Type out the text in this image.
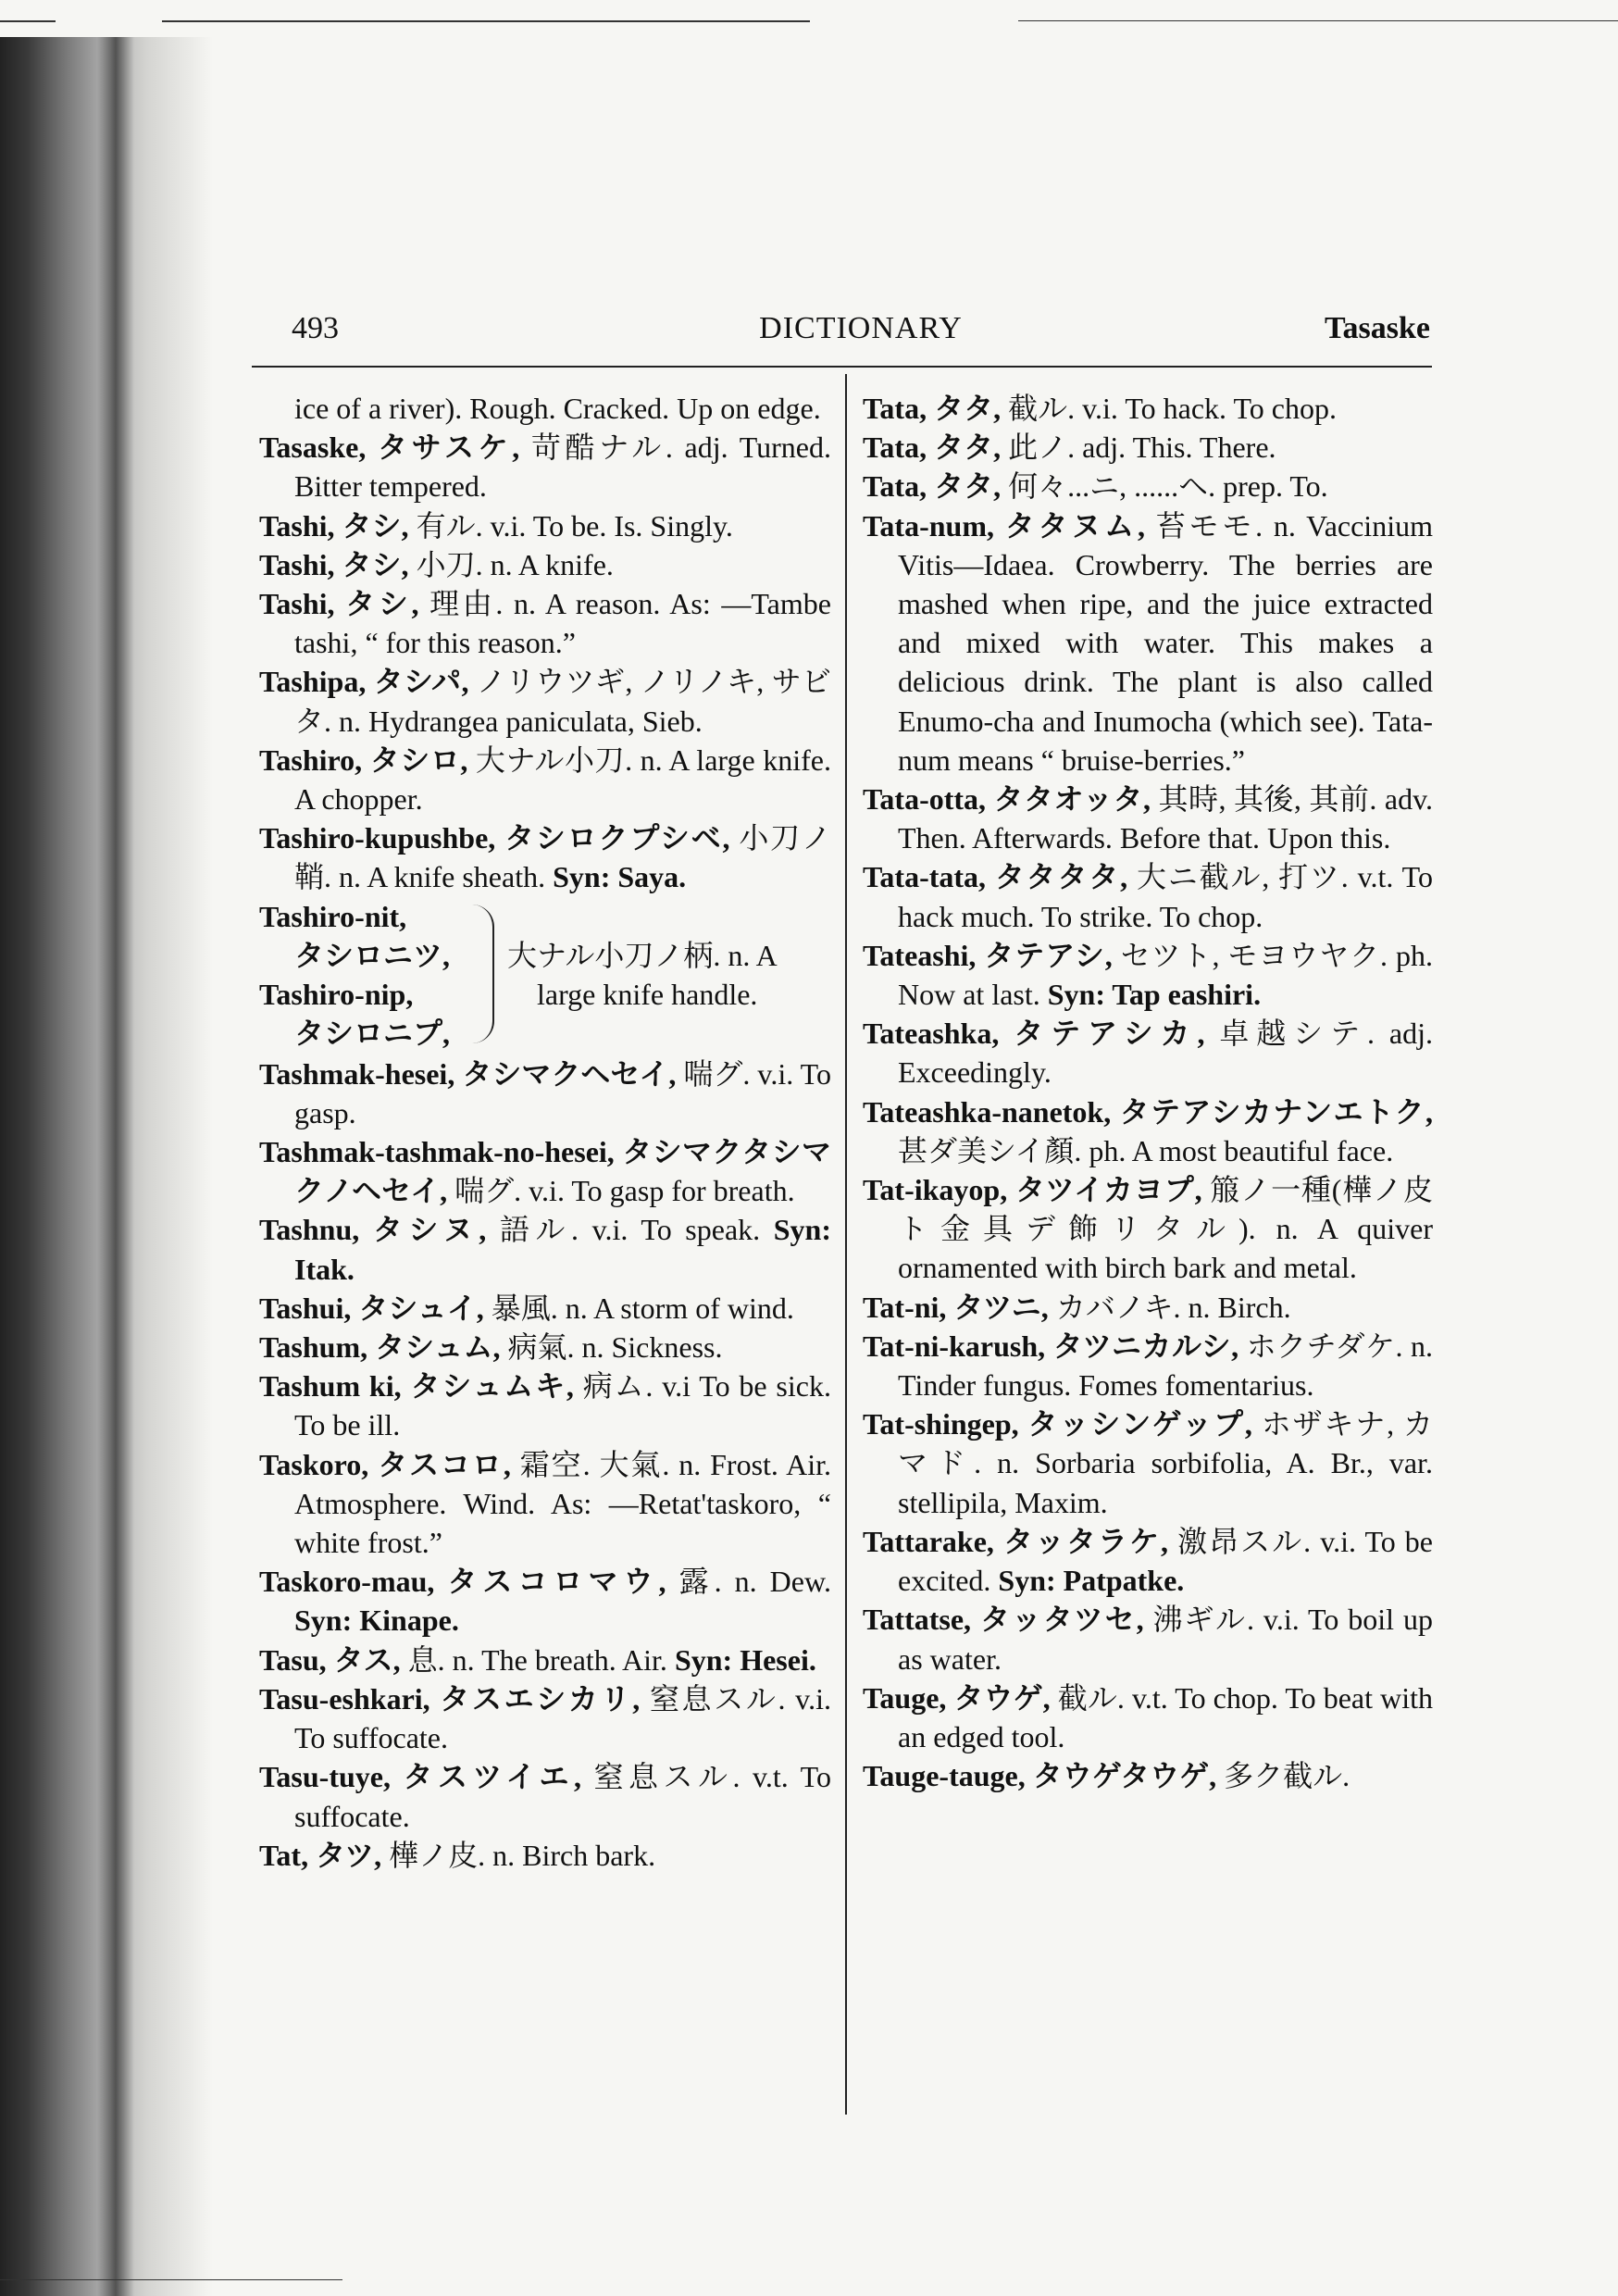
DICTIONARY
493	Tasaske
ice of a river). Rough. Cracked. Up on edge.
Tasaske, タサスケ, 苛酷ナル. adj. Turned. Bitter tempered.
Tashi, タシ, 有ル. v.i. To be. Is. Singly.
Tashi, タシ, 小刀. n. A knife.
Tashi, タシ, 理由. n. A reason. As: —Tambe tashi, “ for this reason.”
Tashipa, タシパ, ノリウツギ, ノリノキ, サビタ. n. Hydrangea paniculata, Sieb.
Tashiro, タシロ, 大ナル小刀. n. A large knife. A chopper.
Tashiro-kupushbe, タシロクプシベ, 小刀ノ鞘. n. A knife sheath. Syn: Saya.
Tashiro-nit,
タシロニツ,
Tashiro-nip,
タシロニプ,
大ナル小刀ノ柄. n. A
large knife handle.
Tashmak-hesei, タシマクヘセイ, 喘グ. v.i. To gasp.
Tashmak-tashmak-no-hesei, タシマクタシマクノヘセイ, 喘グ. v.i. To gasp for breath.
Tashnu, タシヌ, 語ル. v.i. To speak. Syn: Itak.
Tashui, タシュイ, 暴風. n. A storm of wind.
Tashum, タシュム, 病氣. n. Sickness.
Tashum ki, タシュムキ, 病ム. v.i To be sick. To be ill.
Taskoro, タスコロ, 霜空. 大氣. n. Frost. Air. Atmosphere. Wind. As: —Retat'taskoro, “ white frost.”
Taskoro-mau, タスコロマウ, 露. n. Dew. Syn: Kinape.
Tasu, タス, 息. n. The breath. Air. Syn: Hesei.
Tasu-eshkari, タスエシカリ, 窒息スル. v.i. To suffocate.
Tasu-tuye, タスツイエ, 窒息スル. v.t. To suffocate.
Tat, タツ, 樺ノ皮. n. Birch bark.
Tata, タタ, 截ル. v.i. To hack. To chop.
Tata, タタ, 此ノ. adj. This. There.
Tata, タタ, 何々...ニ, ......ヘ. prep. To.
Tata-num, タタヌム, 苔モモ. n. Vaccinium Vitis—Idaea. Crowberry. The berries are mashed when ripe, and the juice extracted and mixed with water. This makes a delicious drink. The plant is also called Enumo-cha and Inumocha (which see). Tata-num means “ bruise-berries.”
Tata-otta, タタオッタ, 其時, 其後, 其前. adv. Then. Afterwards. Before that. Upon this.
Tata-tata, タタタタ, 大ニ截ル, 打ツ. v.t. To hack much. To strike. To chop.
Tateashi, タテアシ, セツト, モヨウヤク. ph. Now at last. Syn: Tap eashiri.
Tateashka, タテアシカ, 卓越シテ. adj. Exceedingly.
Tateashka-nanetok, タテアシカナンエトク, 甚ダ美シイ顏. ph. A most beautiful face.
Tat-ikayop, タツイカヨプ, 箙ノ一種(樺ノ皮ト金具デ飾リタル). n. A quiver ornamented with birch bark and metal.
Tat-ni, タツニ, カバノキ. n. Birch.
Tat-ni-karush, タツニカルシ, ホクチダケ. n. Tinder fungus. Fomes fomentarius.
Tat-shingep, タッシンゲップ, ホザキナ, カマド. n. Sorbaria sorbifolia, A. Br., var. stellipila, Maxim.
Tattarake, タッタラケ, 激昂スル. v.i. To be excited. Syn: Patpatke.
Tattatse, タッタツセ, 沸ギル. v.i. To boil up as water.
Tauge, タウゲ, 截ル. v.t. To chop. To beat with an edged tool.
Tauge-tauge, タウゲタウゲ, 多ク截ル.
